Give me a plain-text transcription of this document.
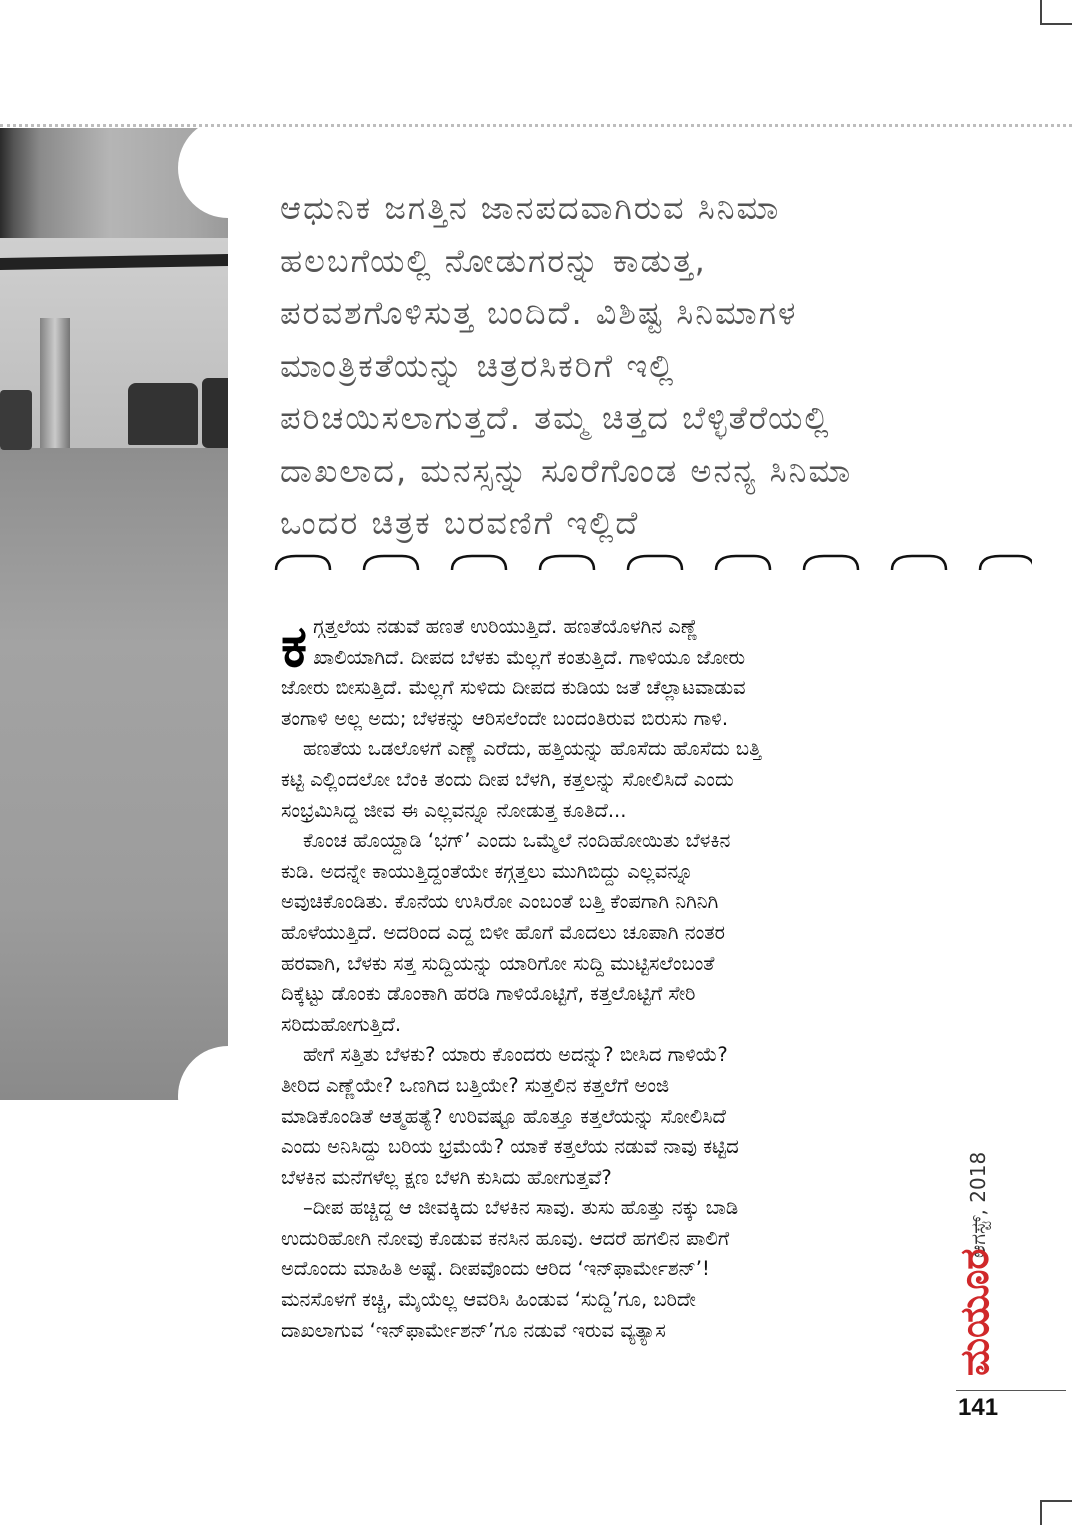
ಆಧುನಿಕ ಜಗತ್ತಿನ ಜಾನಪದವಾಗಿರುವ ಸಿನಿಮಾ
ಹಲಬಗೆಯಲ್ಲಿ ನೋಡುಗರನ್ನು ಕಾಡುತ್ತ,
ಪರವಶಗೊಳಿಸುತ್ತ ಬಂದಿದೆ. ವಿಶಿಷ್ಟ ಸಿನಿಮಾಗಳ
ಮಾಂತ್ರಿಕತೆಯನ್ನು ಚಿತ್ರರಸಿಕರಿಗೆ ಇಲ್ಲಿ
ಪರಿಚಯಿಸಲಾಗುತ್ತದೆ. ತಮ್ಮ ಚಿತ್ತದ ಬೆಳ್ಳಿತೆರೆಯಲ್ಲಿ
ದಾಖಲಾದ, ಮನಸ್ಸನ್ನು ಸೂರೆಗೊಂಡ ಅನನ್ಯ ಸಿನಿಮಾ
ಒಂದರ ಚಿತ್ರಕ ಬರವಣಿಗೆ ಇಲ್ಲಿದೆ
ಕ ಗ್ಗತ್ತಲೆಯ ನಡುವೆ ಹಣತೆ ಉರಿಯುತ್ತಿದೆ. ಹಣತೆಯೊಳಗಿನ ಎಣ್ಣೆ
ಖಾಲಿಯಾಗಿದೆ. ದೀಪದ ಬೆಳಕು ಮೆಲ್ಲಗೆ ಕಂತುತ್ತಿದೆ. ಗಾಳಿಯೂ ಜೋರು
ಜೋರು ಬೀಸುತ್ತಿದೆ. ಮೆಲ್ಲಗೆ ಸುಳಿದು ದೀಪದ ಕುಡಿಯ ಜತೆ ಚೆಲ್ಲಾಟವಾಡುವ
ತಂಗಾಳಿ ಅಲ್ಲ ಅದು; ಬೆಳಕನ್ನು ಆರಿಸಲೆಂದೇ ಬಂದಂತಿರುವ ಬಿರುಸು ಗಾಳಿ.
ಹಣತೆಯ ಒಡಲೊಳಗೆ ಎಣ್ಣೆ ಎರೆದು, ಹತ್ತಿಯನ್ನು ಹೊಸೆದು ಹೊಸೆದು ಬತ್ತಿ
ಕಟ್ಟಿ ಎಲ್ಲಿಂದಲೋ ಬೆಂಕಿ ತಂದು ದೀಪ ಬೆಳಗಿ, ಕತ್ತಲನ್ನು ಸೋಲಿಸಿದೆ ಎಂದು
ಸಂಭ್ರಮಿಸಿದ್ದ ಜೀವ ಈ ಎಲ್ಲವನ್ನೂ ನೋಡುತ್ತ ಕೂತಿದೆ...
ಕೊಂಚ ಹೊಯ್ದಾಡಿ ‘ಭಗ್’ ಎಂದು ಒಮ್ಮೆಲೆ ನಂದಿಹೋಯಿತು ಬೆಳಕಿನ
ಕುಡಿ. ಅದನ್ನೇ ಕಾಯುತ್ತಿದ್ದಂತೆಯೇ ಕಗ್ಗತ್ತಲು ಮುಗಿಬಿದ್ದು ಎಲ್ಲವನ್ನೂ
ಅವುಚಿಕೊಂಡಿತು. ಕೊನೆಯ ಉಸಿರೋ ಎಂಬಂತೆ ಬತ್ತಿ ಕೆಂಪಗಾಗಿ ನಿಗಿನಿಗಿ
ಹೊಳೆಯುತ್ತಿದೆ. ಅದರಿಂದ ಎದ್ದ ಬಿಳೀ ಹೊಗೆ ಮೊದಲು ಚೂಪಾಗಿ ನಂತರ
ಹರವಾಗಿ, ಬೆಳಕು ಸತ್ತ ಸುದ್ದಿಯನ್ನು ಯಾರಿಗೋ ಸುದ್ದಿ ಮುಟ್ಟಿಸಲೆಂಬಂತೆ
ದಿಕ್ಕೆಟ್ಟು ಡೊಂಕು ಡೊಂಕಾಗಿ ಹರಡಿ ಗಾಳಿಯೊಟ್ಟಿಗೆ, ಕತ್ತಲೊಟ್ಟಿಗೆ ಸೇರಿ
ಸರಿದುಹೋಗುತ್ತಿದೆ.
ಹೇಗೆ ಸತ್ತಿತು ಬೆಳಕು? ಯಾರು ಕೊಂದರು ಅದನ್ನು? ಬೀಸಿದ ಗಾಳಿಯೆ?
ತೀರಿದ ಎಣ್ಣೆಯೇ? ಒಣಗಿದ ಬತ್ತಿಯೇ? ಸುತ್ತಲಿನ ಕತ್ತಲೆಗೆ ಅಂಜಿ
ಮಾಡಿಕೊಂಡಿತೆ ಆತ್ಮಹತ್ಯೆ? ಉರಿವಷ್ಟೂ ಹೊತ್ತೂ ಕತ್ತಲೆಯನ್ನು ಸೋಲಿಸಿದೆ
ಎಂದು ಅನಿಸಿದ್ದು ಬರಿಯ ಭ್ರಮೆಯೆ? ಯಾಕೆ ಕತ್ತಲೆಯ ನಡುವೆ ನಾವು ಕಟ್ಟಿದ
ಬೆಳಕಿನ ಮನೆಗಳೆಲ್ಲ ಕ್ಷಣ ಬೆಳಗಿ ಕುಸಿದು ಹೋಗುತ್ತವೆ?
–ದೀಪ ಹಚ್ಚಿದ್ದ ಆ ಜೀವಕ್ಕಿದು ಬೆಳಕಿನ ಸಾವು. ತುಸು ಹೊತ್ತು ನಕ್ಕು ಬಾಡಿ
ಉದುರಿಹೋಗಿ ನೋವು ಕೊಡುವ ಕನಸಿನ ಹೂವು. ಆದರೆ ಹಗಲಿನ ಪಾಲಿಗೆ
ಅದೊಂದು ಮಾಹಿತಿ ಅಷ್ಟೆ. ದೀಪವೊಂದು ಆರಿದ ‘ಇನ್‌ಫಾರ್ಮೇಶನ್’!
ಮನಸೊಳಗೆ ಕಚ್ಚಿ, ಮೈಯೆಲ್ಲ ಆವರಿಸಿ ಹಿಂಡುವ ‘ಸುದ್ದಿ’ಗೂ, ಬರಿದೇ
ದಾಖಲಾಗುವ ‘ಇನ್‌ಫಾರ್ಮೇಶನ್’ಗೂ ನಡುವೆ ಇರುವ ವ್ಯತ್ಯಾಸ
ಆಗಸ್ಟ್, 2018
ಮಯೂರ
141
